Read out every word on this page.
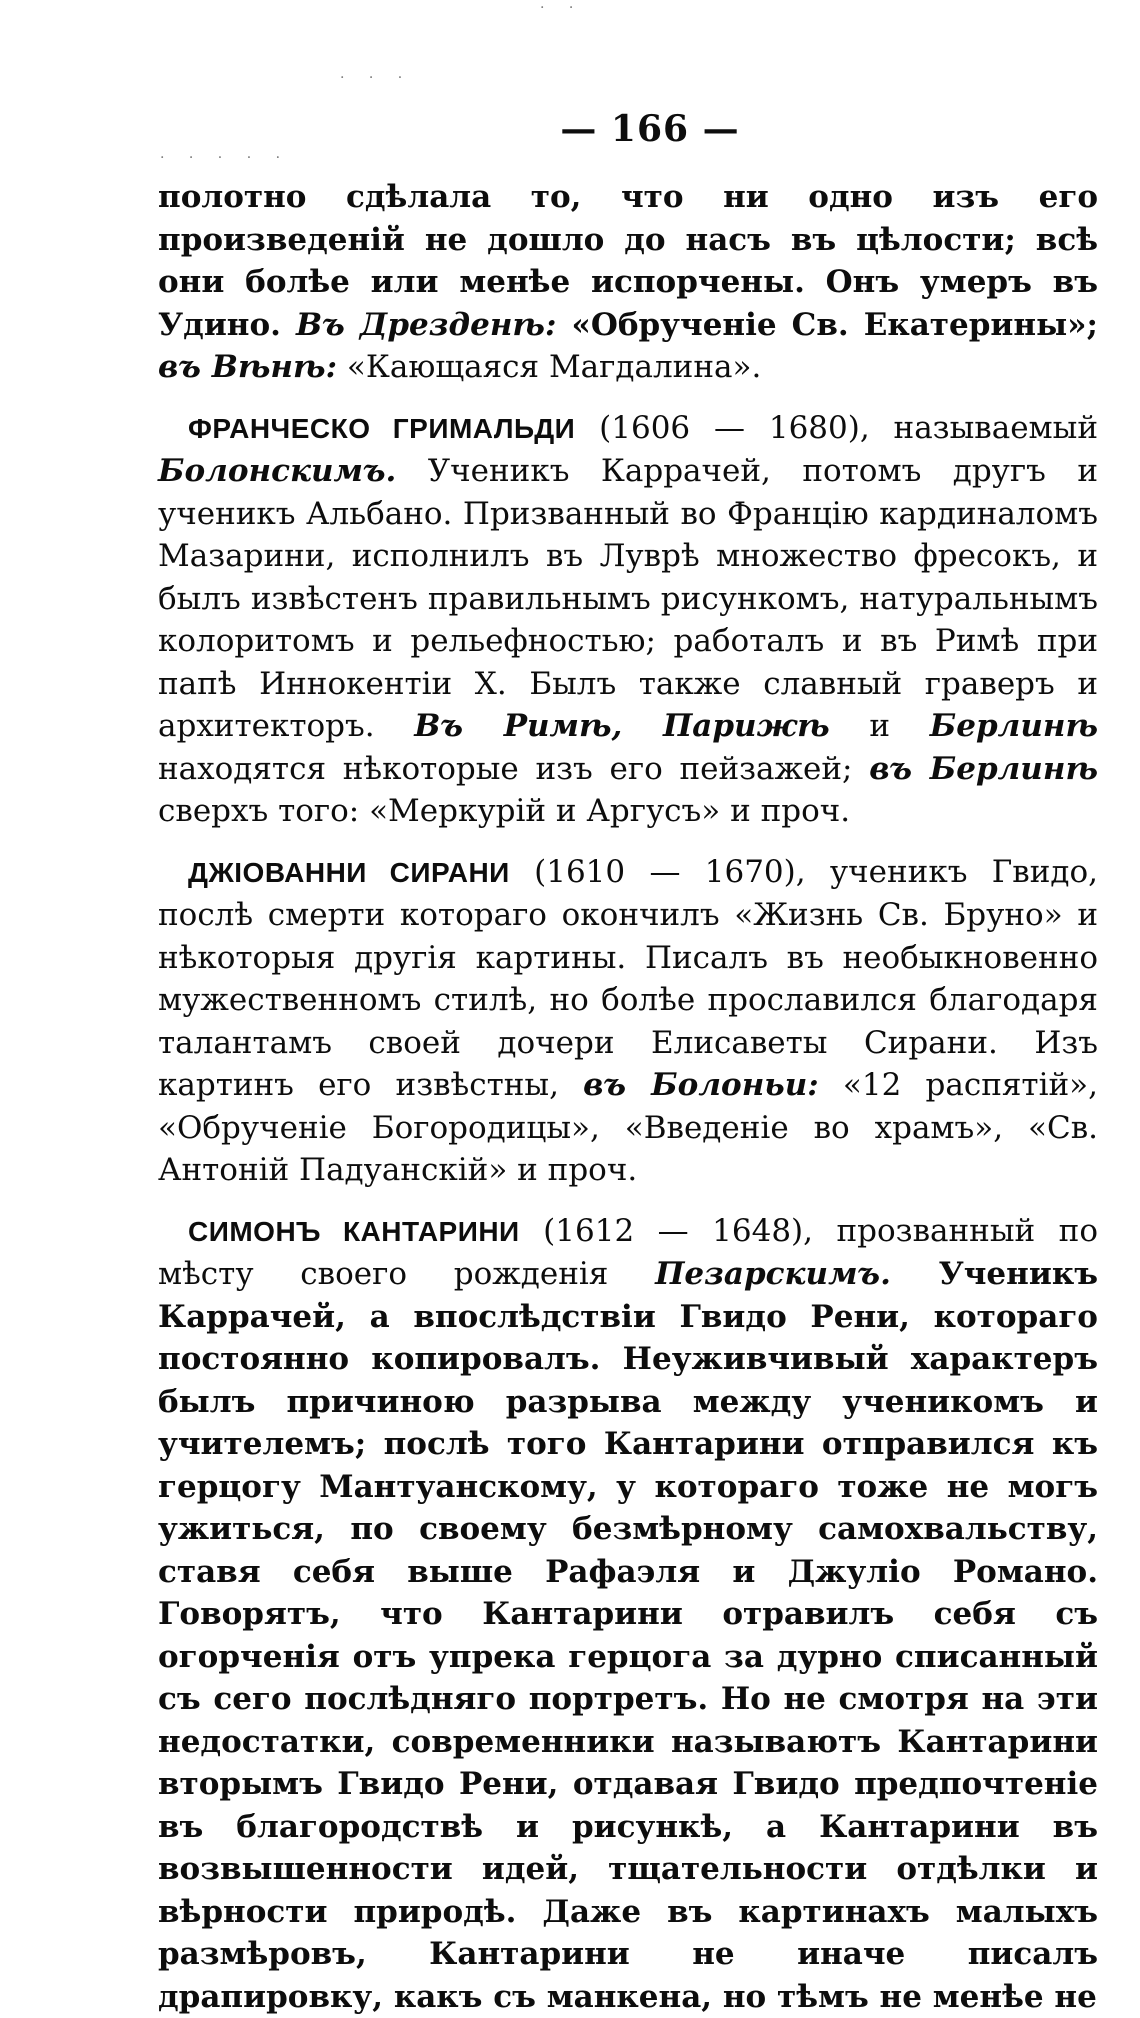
· ·
· · ·
· · · · ·
— 166 —

полотно сдѣлала то, что ни одно изъ его произведеній не дошло до насъ въ цѣлости; всѣ они болѣе или менѣе испорчены. Онъ умеръ въ Удино. Въ Дрезденѣ: «Обрученіе Св. Екатерины»; въ Вѣнѣ: «Кающаяся Магдалина».

ФРАНЧЕСКО ГРИМАЛЬДИ (1606 — 1680), называемый Болонскимъ. Ученикъ Каррачей, потомъ другъ и ученикъ Альбано. Призванный во Францію кардиналомъ Мазарини, исполнилъ въ Луврѣ множество фресокъ, и былъ извѣстенъ правильнымъ рисункомъ, натуральнымъ колоритомъ и рельефностью; работалъ и въ Римѣ при папѣ Иннокентіи X. Былъ также славный граверъ и архитекторъ. Въ Римѣ, Парижѣ и Берлинѣ находятся нѣкоторые изъ его пейзажей; въ Берлинѣ сверхъ того: «Меркурій и Аргусъ» и проч.

ДЖІОВАННИ СИРАНИ (1610 — 1670), ученикъ Гвидо, послѣ смерти котораго окончилъ «Жизнь Св. Бруно» и нѣкоторыя другія картины. Писалъ въ необыкновенно мужественномъ стилѣ, но болѣе прославился благодаря талантамъ своей дочери Елисаветы Сирани. Изъ картинъ его извѣстны, въ Болоньи: «12 распятій», «Обрученіе Богородицы», «Введеніе во храмъ», «Св. Антоній Падуанскій» и проч.

СИМОНЪ КАНТАРИНИ (1612 — 1648), прозванный по мѣсту своего рожденія Пезарскимъ. Ученикъ Каррачей, а впослѣдствіи Гвидо Рени, котораго постоянно копировалъ. Неуживчивый характеръ былъ причиною разрыва между ученикомъ и учителемъ; послѣ того Кантарини отправился къ герцогу Мантуанскому, у котораго тоже не могъ ужиться, по своему безмѣрному самохвальству, ставя себя выше Рафаэля и Джуліо Романо. Говорятъ, что Кантарини отравилъ себя съ огорченія отъ упрека герцога за дурно списанный съ сего послѣдняго портретъ. Но не смотря на эти недостатки, современники называютъ Кантарини вторымъ Гвидо Рени, отдавая Гвидо предпочтеніе въ благородствѣ и рисункѣ, а Кантарини въ возвышенности идей, тщательности отдѣлки и вѣрности природѣ. Даже въ картинахъ малыхъ размѣровъ, Кантарини не иначе писалъ драпировку, какъ съ манкена, но тѣмъ не менѣе не
